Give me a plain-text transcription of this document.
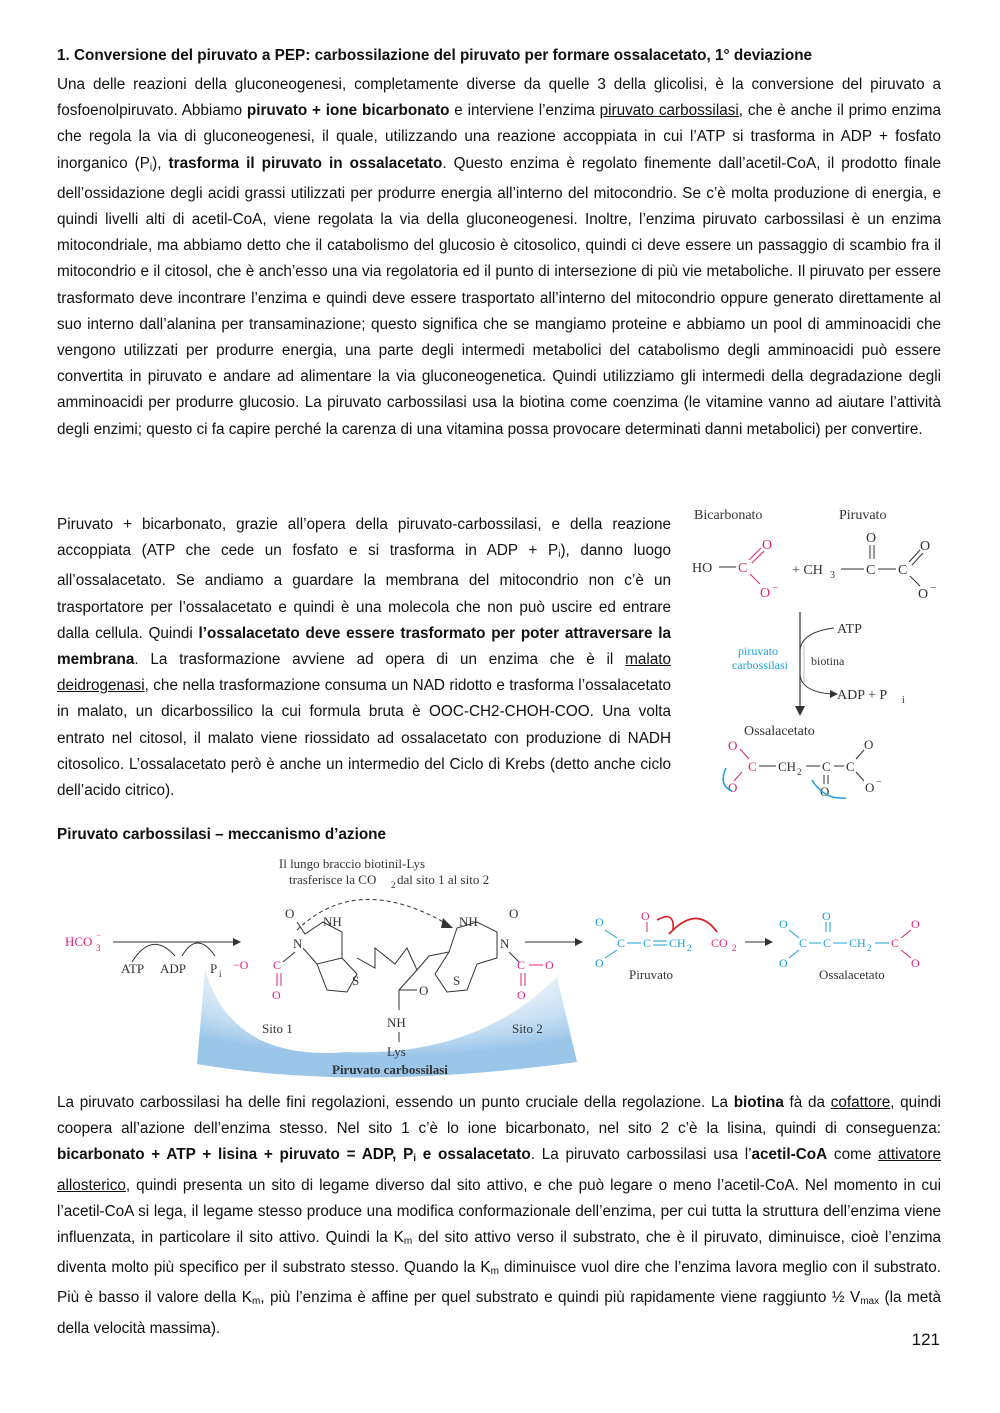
1. Conversione del piruvato a PEP: carbossilazione del piruvato per formare ossalacetato, 1° deviazione

Una delle reazioni della gluconeogenesi, completamente diverse da quelle 3 della glicolisi, è la conversione del piruvato a fosfoenolpiruvato. Abbiamo piruvato + ione bicarbonato e interviene l’enzima piruvato carbossilasi, che è anche il primo enzima che regola la via di gluconeogenesi, il quale, utilizzando una reazione accoppiata in cui l’ATP si trasforma in ADP + fosfato inorganico $(P_i)$, trasforma il piruvato in ossalacetato. Questo enzima è regolato finemente dall’acetil-CoA, il prodotto finale dell’ossidazione degli acidi grassi utilizzati per produrre energia all’interno del mitocondrio. Se c’è molta produzione di energia, e quindi livelli alti di acetil-CoA, viene regolata la via della gluconeogenesi. Inoltre, l’enzima piruvato carbossilasi è un enzima mitocondriale, ma abbiamo detto che il catabolismo del glucosio è citosolico, quindi ci deve essere un passaggio di scambio fra il mitocondrio e il citosol, che è anch’esso una via regolatoria ed il punto di intersezione di più vie metaboliche. Il piruvato per essere trasformato deve incontrare l’enzima e quindi deve essere trasportato all’interno del mitocondrio oppure generato direttamente al suo interno dall’alanina per transaminazione; questo significa che se mangiamo proteine e abbiamo un pool di amminoacidi che vengono utilizzati per produrre energia, una parte degli intermedi metabolici del catabolismo degli amminoacidi può essere convertita in piruvato e andare ad alimentare la via gluconeogenetica. Quindi utilizziamo gli intermedi della degradazione degli amminoacidi per produrre glucosio. La piruvato carbossilasi usa la biotina come coenzima (le vitamine vanno ad aiutare l’attività degli enzimi; questo ci fa capire perché la carenza di una vitamina possa provocare determinati danni metabolici) per convertire.

Piruvato + bicarbonato, grazie all’opera della piruvato-carbossilasi, e della reazione accoppiata (ATP che cede un fosfato e si trasforma in ADP + $P_i$), danno luogo all’ossalacetato. Se andiamo a guardare la membrana del mitocondrio non c’è un trasportatore per l’ossalacetato e quindi è una molecola che non può uscire ed entrare dalla cellula. Quindi l’ossalacetato deve essere trasformato per poter attraversare la membrana. La trasformazione avviene ad opera di un enzima che è il malato deidrogenasi, che nella trasformazione consuma un NAD ridotto e trasforma l’ossalacetato in malato, un dicarbossilico la cui formula bruta è OOC-CH2-CHOH-COO. Una volta entrato nel citosol, il malato viene riossidato ad ossalacetato con produzione di NADH citosolico. L’ossalacetato però è anche un intermedio del Ciclo di Krebs (detto anche ciclo dell’acido citrico).

Bicarbonato	Piruvato
HO C
O
O −
+ CH 3 C
O
C
O
O −
ATP
piruvato
carbossilasi biotina
ADP + P i
Ossalacetato
O
C
O
CH 2 C
O
C
O
O −

Piruvato carbossilasi – meccanismo d’azione

Il lungo braccio biotinil-Lys
trasferisce la CO 2 dal sito 1 al sito 2
Sito 1	Sito 2
Piruvato carbossilasi
HCO 3
−
ATP ADP P i
O
NH
N
S
−O C
O	O
NH
Lys
NH
O
N
S
C O
O
O
C
O
C
O
CH 2 CO 2
Piruvato
O
C
O
C
O
CH 2 C
O
O
Ossalacetato

La piruvato carbossilasi ha delle fini regolazioni, essendo un punto cruciale della regolazione. La biotina fà da cofattore, quindi coopera all’azione dell’enzima stesso. Nel sito 1 c’è lo ione bicarbonato, nel sito 2 c’è la lisina, quindi di conseguenza: bicarbonato + ATP + lisina + piruvato = ADP, $P_i$ e ossalacetato. La piruvato carbossilasi usa l’acetil-CoA come attivatore allosterico, quindi presenta un sito di legame diverso dal sito attivo, e che può legare o meno l’acetil-CoA. Nel momento in cui l’acetil-CoA si lega, il legame stesso produce una modifica conformazionale dell’enzima, per cui tutta la struttura dell’enzima viene influenzata, in particolare il sito attivo. Quindi la $K_m$ del sito attivo verso il substrato, che è il piruvato, diminuisce, cioè l’enzima diventa molto più specifico per il substrato stesso. Quando la $K_m$ diminuisce vuol dire che l’enzima lavora meglio con il substrato. Più è basso il valore della $K_m$, più l’enzima è affine per quel substrato e quindi più rapidamente viene raggiunto ½ $V_{max}$ (la metà della velocità massima).

121
